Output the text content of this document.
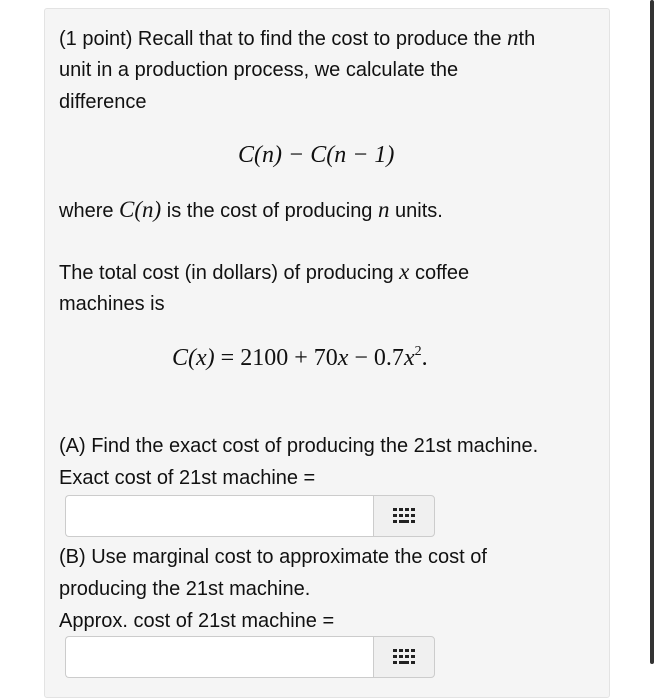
(1 point) Recall that to find the cost to produce the nth
unit in a production process, we calculate the
difference
C(n) − C(n − 1)
where C(n) is the cost of producing n units.
The total cost (in dollars) of producing x coffee
machines is
$C(x) = 2100 + 70x - 0.7x^2$.
(A) Find the exact cost of producing the 21st machine.
Exact cost of 21st machine =
(B) Use marginal cost to approximate the cost of
producing the 21st machine.
Approx. cost of 21st machine =
